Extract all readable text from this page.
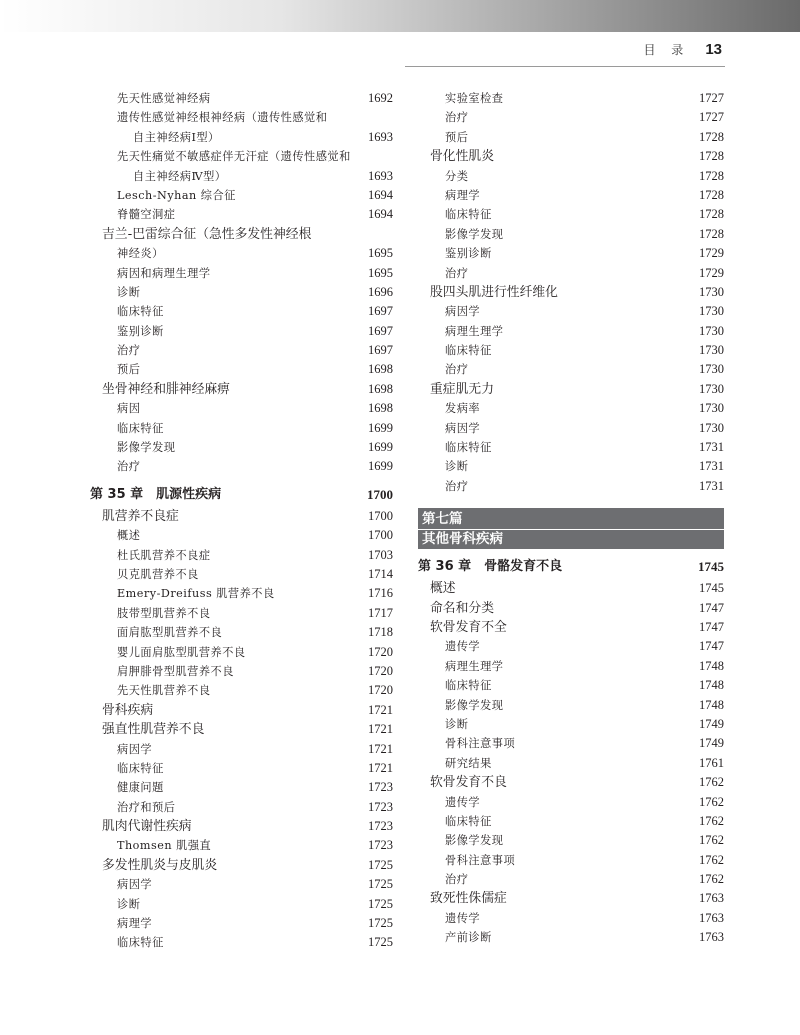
目 录 13
先天性感觉神经病	1692
遗传性感觉神经根神经病（遗传性感觉和
自主神经病Ⅰ型）	1693
先天性痛觉不敏感症伴无汗症（遗传性感觉和
自主神经病Ⅳ型）	1693
Lesch-Nyhan 综合征	1694
脊髓空洞症	1694
吉兰-巴雷综合征（急性多发性神经根
神经炎）	1695
病因和病理生理学	1695
诊断	1696
临床特征	1697
鉴别诊断	1697
治疗	1697
预后	1698
坐骨神经和腓神经麻痹	1698
病因	1698
临床特征	1699
影像学发现	1699
治疗	1699
第 35 章　肌源性疾病	1700
肌营养不良症	1700
概述	1700
杜氏肌营养不良症	1703
贝克肌营养不良	1714
Emery-Dreifuss 肌营养不良	1716
肢带型肌营养不良	1717
面肩肱型肌营养不良	1718
婴儿面肩肱型肌营养不良	1720
肩胛腓骨型肌营养不良	1720
先天性肌营养不良	1720
骨科疾病	1721
强直性肌营养不良	1721
病因学	1721
临床特征	1721
健康问题	1723
治疗和预后	1723
肌肉代谢性疾病	1723
Thomsen 肌强直	1723
多发性肌炎与皮肌炎	1725
病因学	1725
诊断	1725
病理学	1725
临床特征	1725
实验室检查	1727
治疗	1727
预后	1728
骨化性肌炎	1728
分类	1728
病理学	1728
临床特征	1728
影像学发现	1728
鉴别诊断	1729
治疗	1729
股四头肌进行性纤维化	1730
病因学	1730
病理生理学	1730
临床特征	1730
治疗	1730
重症肌无力	1730
发病率	1730
病因学	1730
临床特征	1731
诊断	1731
治疗	1731
第七篇
其他骨科疾病
第 36 章　骨骼发育不良	1745
概述	1745
命名和分类	1747
软骨发育不全	1747
遗传学	1747
病理生理学	1748
临床特征	1748
影像学发现	1748
诊断	1749
骨科注意事项	1749
研究结果	1761
软骨发育不良	1762
遗传学	1762
临床特征	1762
影像学发现	1762
骨科注意事项	1762
治疗	1762
致死性侏儒症	1763
遗传学	1763
产前诊断	1763
